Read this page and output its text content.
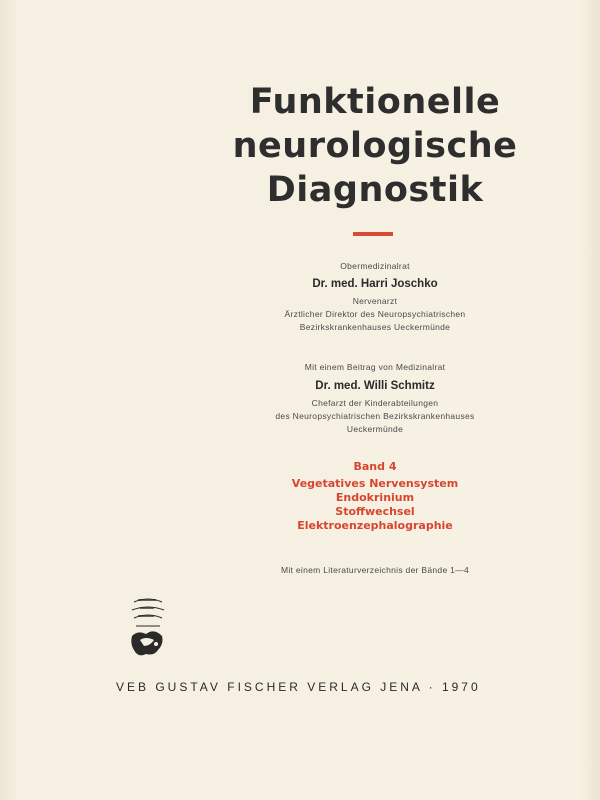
Funktionelle
neurologische
Diagnostik
Obermedizinalrat
Dr. med. Harri Joschko
Nervenarzt
Ärztlicher Direktor des Neuropsychiatrischen
Bezirkskrankenhauses Ueckermünde
Mit einem Beitrag von Medizinalrat
Dr. med. Willi Schmitz
Chefarzt der Kinderabteilungen
des Neuropsychiatrischen Bezirkskrankenhauses
Ueckermünde
Band 4
Vegetatives Nervensystem
Endokrinium
Stoffwechsel
Elektroenzephalographie
Mit einem Literaturverzeichnis der Bände 1—4
VEB GUSTAV FISCHER VERLAG JENA · 1970
